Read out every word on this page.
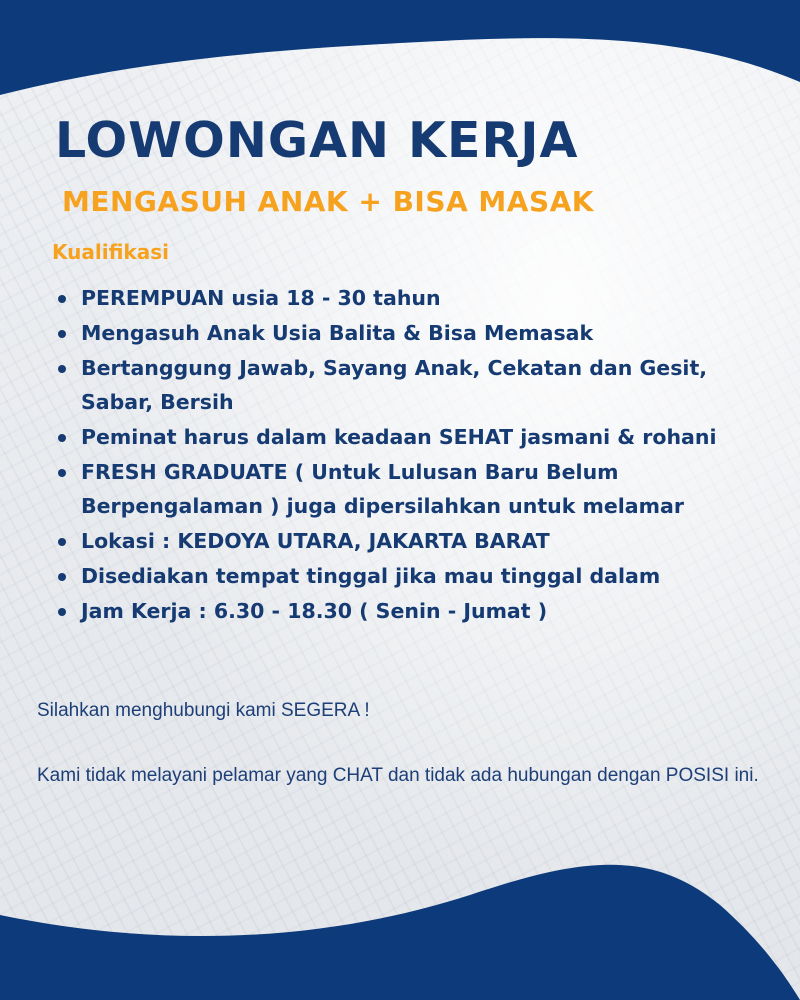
LOWONGAN KERJA
MENGASUH ANAK + BISA MASAK
Kualifikasi
PEREMPUAN usia 18 - 30 tahun
Mengasuh Anak Usia Balita & Bisa Memasak
Bertanggung Jawab, Sayang Anak, Cekatan dan Gesit, Sabar, Bersih
Peminat harus dalam keadaan SEHAT jasmani & rohani
FRESH GRADUATE ( Untuk Lulusan Baru Belum Berpengalaman ) juga dipersilahkan untuk melamar
Lokasi : KEDOYA UTARA, JAKARTA BARAT
Disediakan tempat tinggal jika mau tinggal dalam
Jam Kerja : 6.30 - 18.30 ( Senin - Jumat )

Silahkan menghubungi kami SEGERA !

Kami tidak melayani pelamar yang CHAT dan tidak ada hubungan dengan POSISI ini.
